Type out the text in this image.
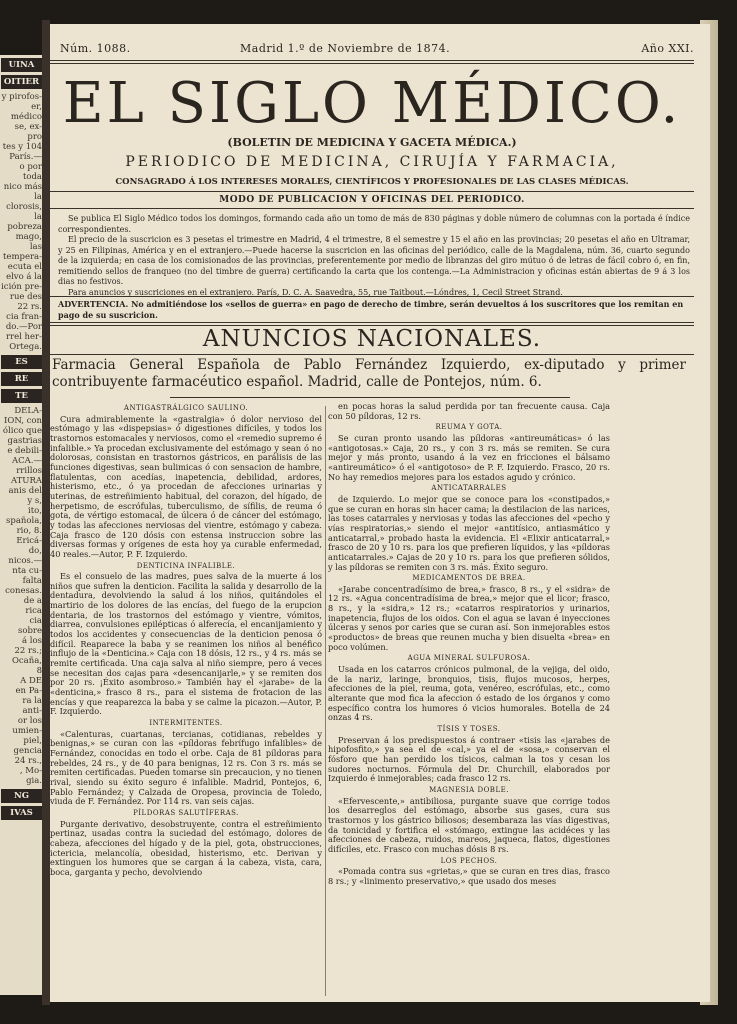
UINA
OITIER
y pirofos-
er, médico
se, ex-pro
tes y 104
París.—
o por toda
nico más
la clorosis,
la pobreza
mago, las
tempera-
ecuta el
elvo á la
ición pre-
rue des
22 rs.
cia fran-
do.—Por
rrel her-
Ortega.
ES
RE
TE
DELA-
ION, con
ólico que
gastrias
e debili-
ACA.—
rrillos
ATURA
anis del
y s,
ito,
spañola,
rio, 8.
Ericá-
do,
nicos.—
nta cu-
falta
conesas.
de a
rica
cia
sobre
á los
22 rs.;
Ocaña,
8
A DE
en Pa-
ra la
anti-
or los
umien-
piel,
gencia
24 rs.,
, Mo-
gia.
NG
IVAS
Núm. 1088.	Madrid 1.º de Noviembre de 1874.	Año XXI.
EL SIGLO MÉDICO.
(BOLETIN DE MEDICINA Y GACETA MÉDICA.)
PERIODICO DE MEDICINA, CIRUJÍA Y FARMACIA,
CONSAGRADO Á LOS INTERESES MORALES, CIENTÍFICOS Y PROFESIONALES DE LAS CLASES MÉDICAS.
MODO DE PUBLICACION Y OFICINAS DEL PERIODICO.

Se publica El Siglo Médico todos los domingos, formando cada año un tomo de más de 830 páginas y doble número de columnas con la portada é índice correspondientes.

El precio de la suscricion es 3 pesetas el trimestre en Madrid, 4 el trimestre, 8 el semestre y 15 el año en las provincias; 20 pesetas el año en Ultramar, y 25 en Filipinas, América y en el extranjero.—Puede hacerse la suscricion en las oficinas del periódico, calle de la Magdalena, núm. 36, cuarto segundo de la izquierda; en casa de los comisionados de las provincias, preferentemente por medio de libranzas del giro mútuo ó de letras de fácil cobro ó, en fin, remitiendo sellos de franqueo (no del timbre de guerra) certificando la carta que los contenga.—La Administracion y oficinas están abiertas de 9 á 3 los dias no festivos.

Para anuncios y suscriciones en el extranjero. París, D. C. A. Saavedra, 55, rue Taitbout.—Lóndres, 1, Cecil Street Strand.

ADVERTENCIA. No admitiéndose los «sellos de guerra» en pago de derecho de timbre, serán devueltos á los suscritores que los remitan en pago de su suscricion.
ANUNCIOS NACIONALES.
Farmacia General Española de Pablo Fernández Izquierdo, ex-diputado y primer contribuyente farmacéutico español. Madrid, calle de Pontejos, núm. 6.
ANTIGASTRÁLGICO SAULINO.

Cura admirablemente la «gastralgia» ó dolor nervioso del estómago y las «dispepsias» ó digestiones difíciles, y todos los trastornos estomacales y nerviosos, como el «remedio supremo é infalible.» Ya procedan exclusivamente del estómago y sean ó no dolorosas, consistan en trastornos gástricos, en parálisis de las funciones digestivas, sean bulimicas ó con sensacion de hambre, flatulentas, con acedías, inapetencia, debilidad, ardores, histerismo, etc., ó ya procedan de afecciones urinarias y uterinas, de estreñimiento habitual, del corazon, del hígado, de herpetismo, de escrófulas, tuberculismo, de sífilis, de reuma ó gota, de vértigo estomacal, de úlcera ó de cáncer del estómago, y todas las afecciones nerviosas del vientre, estómago y cabeza. Caja frasco de 120 dósis con estensa instruccion sobre las diversas formas y orígenes de esta hoy ya curable enfermedad, 40 reales.—Autor, P. F. Izquierdo.

DENTICINA INFALIBLE.

Es el consuelo de las madres, pues salva de la muerte á los niños que sufren la denticion. Facilita la salida y desarrollo de la dentadura, devolviendo la salud á los niños, quitándoles el martirio de los dolores de las encías, del fuego de la erupcion dentaria, de los trastornos del estómago y vientre, vómitos, diarrea, convulsiones epilépticas ó alferecía, el encanijamiento y todos los accidentes y consecuencias de la denticion penosa ó difícil. Reaparece la baba y se reanimen los niños al benéfico influjo de la «Denticina.» Caja con 18 dósis, 12 rs., y 4 rs. más se remite certificada. Una caja salva al niño siempre, pero á veces se necesitan dos cajas para «desencanijarle,» y se remiten dos por 20 rs. ¡Éxito asombroso.» También hay el «jarabe» de la «denticina,» frasco 8 rs., para el sistema de frotacion de las encías y que reaparezca la baba y se calme la picazon.—Autor, P. F. Izquierdo.

INTERMITENTES.

«Calenturas, cuartanas, tercianas, cotidianas, rebeldes y benignas,» se curan con las «píldoras febrífugo infalibles» de Fernández, conocidas en todo el orbe. Caja de 81 píldoras para rebeldes, 24 rs., y de 40 para benignas, 12 rs. Con 3 rs. más se remiten certificadas. Pueden tomarse sin precaucion, y no tienen rival, siendo su éxito seguro é infalible. Madrid, Pontejos, 6, Pablo Fernández; y Calzada de Oropesa, provincia de Toledo, viuda de F. Fernández. Por 114 rs. van seis cajas.

PÍLDORAS SALUTÍFERAS.

Purgante derivativo, desobstruyente, contra el estreñimiento pertinaz, usadas contra la suciedad del estómago, dolores de cabeza, afecciones del hígado y de la piel, gota, obstrucciones, ictericia, melancolía, obesidad, histerismo, etc. Derivan y extinguen los humores que se cargan á la cabeza, vista, cara, boca, garganta y pecho, devolviendo

en pocas horas la salud perdida por tan frecuente causa. Caja con 50 píldoras, 12 rs.

REUMA Y GOTA.

Se curan pronto usando las píldoras «antireumáticas» ó las «antigotosas.» Caja, 20 rs., y con 3 rs. más se remiten. Se cura mejor y más pronto, usando á la vez en fricciones el bálsamo «antireumático» ó el «antigotoso» de P. F. Izquierdo. Frasco, 20 rs. No hay remedios mejores para los estados agudo y crónico.

ANTICATARRALES

de Izquierdo. Lo mejor que se conoce para los «constipados,» que se curan en horas sin hacer cama; la destilacion de las narices, las toses catarrales y nerviosas y todas las afecciones del «pecho y vías respiratorias,» siendo el mejor «antitísico, antiasmático y anticatarral,» probado hasta la evidencia. El «Elixir anticatarral,» frasco de 20 y 10 rs. para los que prefieren líquidos, y las «píldoras anticatarrales.» Cajas de 20 y 10 rs. para los que prefieren sólidos, y las píldoras se remiten con 3 rs. más. Éxito seguro.

MEDICAMENTOS DE BREA.

«Jarabe concentradísimo de brea,» frasco, 8 rs., y el «sidra» de 12 rs. «Agua concentradísima de brea,» mejor que el licor; frasco, 8 rs., y la «sidra,» 12 rs.; «catarros respiratorios y urinarios, inapetencia, flujos de los oidos. Con el agua se lavan é inyecciones úlceras y senos por caries que se curan así. Son inmejorables estos «productos» de breas que reunen mucha y bien disuelta «brea» en poco volúmen.

AGUA MINERAL SULFUROSA.

Usada en los catarros crónicos pulmonal, de la vejiga, del oido, de la nariz, laringe, bronquios, tisis, flujos mucosos, herpes, afecciones de la piel, reuma, gota, venéreo, escrófulas, etc., como alterante que mod fica la afeccion ó estado de los órganos y como específico contra los humores ó vicios humorales. Botella de 24 onzas 4 rs.

TÍSIS Y TOSES.

Preservan á los predispuestos á contraer «tisis las «jarabes de hipofosfito,» ya sea el de «cal,» ya el de «sosa,» conservan el fósforo que han perdido los tísicos, calman la tos y cesan los sudores nocturnos. Fórmula del Dr. Churchill, elaborados por Izquierdo é inmejorables; cada frasco 12 rs.

MAGNESIA DOBLE.

«Efervescente,» antibiliosa, purgante suave que corrige todos los desarreglos del estómago, absorbe sus gases, cura sus trastornos y los gástrico biliosos; desembaraza las vías digestivas, da tonicidad y fortifica el «stómago, extingue las acidéces y las afecciones de cabeza, ruidos, mareos, jaqueca, flatos, digestiones difíciles, etc. Frasco con muchas dósis 8 rs.

LOS PECHOS.

«Pomada contra sus «grietas,» que se curan en tres dias, frasco 8 rs.; y «linimento preservativo,» que usado dos meses
